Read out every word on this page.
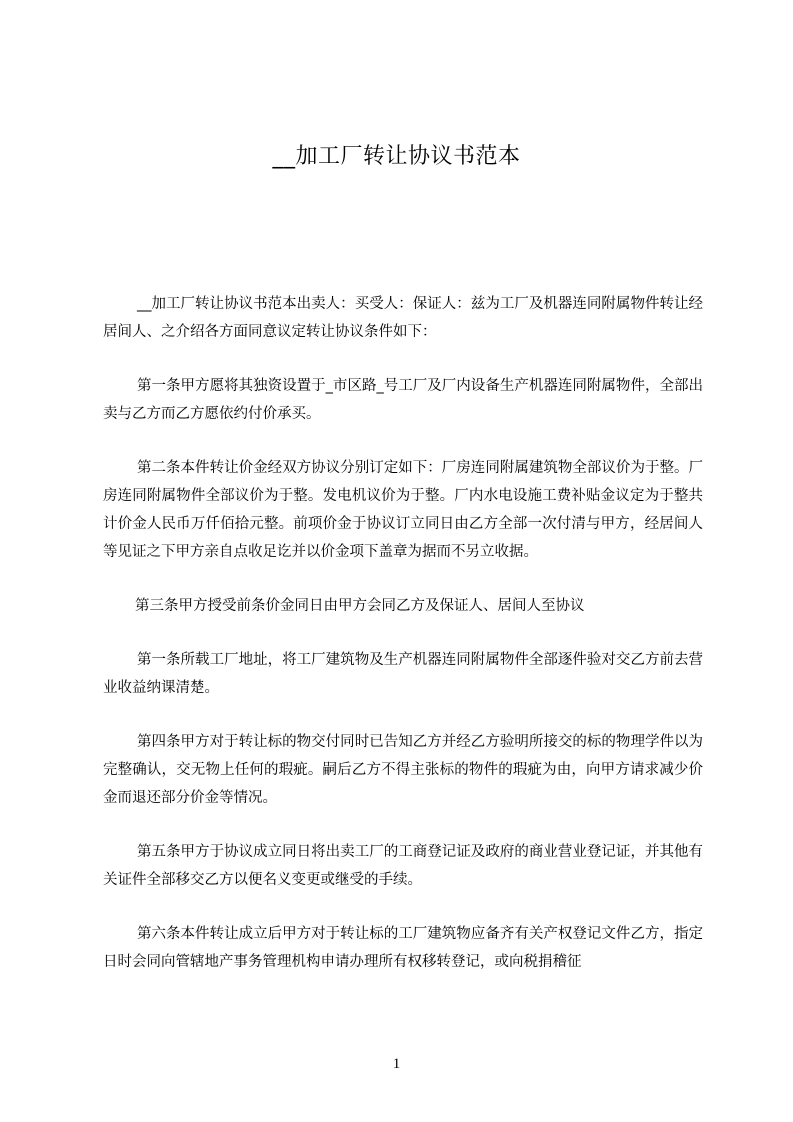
__加工厂转让协议书范本

__加工厂转让协议书范本出卖人：买受人：保证人：兹为工厂及机器连同附属物件转让经居间人、之介绍各方面同意议定转让协议条件如下：

第一条甲方愿将其独资设置于_市区路_号工厂及厂内设备生产机器连同附属物件，全部出卖与乙方而乙方愿依约付价承买。

第二条本件转让价金经双方协议分别订定如下：厂房连同附属建筑物全部议价为于整。厂房连同附属物件全部议价为于整。发电机议价为于整。厂内水电设施工费补贴金议定为于整共计价金人民币万仟佰拾元整。前项价金于协议订立同日由乙方全部一次付清与甲方，经居间人等见证之下甲方亲自点收足讫并以价金项下盖章为据而不另立收据。

第三条甲方授受前条价金同日由甲方会同乙方及保证人、居间人至协议

第一条所载工厂地址，将工厂建筑物及生产机器连同附属物件全部逐件验对交乙方前去营业收益纳课清楚。

第四条甲方对于转让标的物交付同时已告知乙方并经乙方验明所接交的标的物理学件以为完整确认，交无物上任何的瑕疵。嗣后乙方不得主张标的物件的瑕疵为由，向甲方请求减少价金而退还部分价金等情况。

第五条甲方于协议成立同日将出卖工厂的工商登记证及政府的商业营业登记证，并其他有关证件全部移交乙方以便名义变更或继受的手续。

第六条本件转让成立后甲方对于转让标的工厂建筑物应备齐有关产权登记文件乙方，指定日时会同向管辖地产事务管理机构申请办理所有权移转登记，或向税捐稽征

1
